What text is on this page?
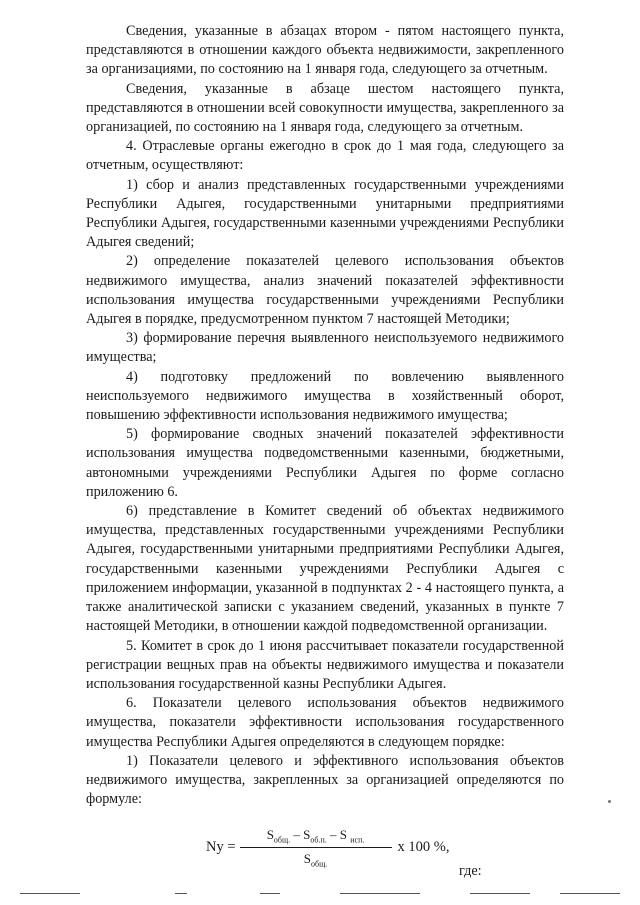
Сведения, указанные в абзацах втором - пятом настоящего пункта, представляются в отношении каждого объекта недвижимости, закрепленного за организациями, по состоянию на 1 января года, следующего за отчетным.

Сведения, указанные в абзаце шестом настоящего пункта, представляются в отношении всей совокупности имущества, закрепленного за организацией, по состоянию на 1 января года, следующего за отчетным.

4. Отраслевые органы ежегодно в срок до 1 мая года, следующего за отчетным, осуществляют:

1) сбор и анализ представленных государственными учреждениями Республики Адыгея, государственными унитарными предприятиями Республики Адыгея, государственными казенными учреждениями Республики Адыгея сведений;

2) определение показателей целевого использования объектов недвижимого имущества, анализ значений показателей эффективности использования имущества государственными учреждениями Республики Адыгея в порядке, предусмотренном пунктом 7 настоящей Методики;

3) формирование перечня выявленного неиспользуемого недвижимого имущества;

4) подготовку предложений по вовлечению выявленного неиспользуемого недвижимого имущества в хозяйственный оборот, повышению эффективности использования недвижимого имущества;

5) формирование сводных значений показателей эффективности использования имущества подведомственными казенными, бюджетными, автономными учреждениями Республики Адыгея по форме согласно приложению 6.

6) представление в Комитет сведений об объектах недвижимого имущества, представленных государственными учреждениями Республики Адыгея, государственными унитарными предприятиями Республики Адыгея, государственными казенными учреждениями Республики Адыгея с приложением информации, указанной в подпунктах 2 - 4 настоящего пункта, а также аналитической записки с указанием сведений, указанных в пункте 7 настоящей Методики, в отношении каждой подведомственной организации.

5. Комитет в срок до 1 июня рассчитывает показатели государственной регистрации вещных прав на объекты недвижимого имущества и показатели использования государственной казны Республики Адыгея.

6. Показатели целевого использования объектов недвижимого имущества, показатели эффективности использования государственного имущества Республики Адыгея определяются в следующем порядке:

1) Показатели целевого и эффективного использования объектов недвижимого имущества, закрепленных за организацией определяются по формуле:

$Ny = \frac{S_{общ.} - S_{об.п.} - S _{исп.}}{S_{общ.}}$ х 100 %,
где:
